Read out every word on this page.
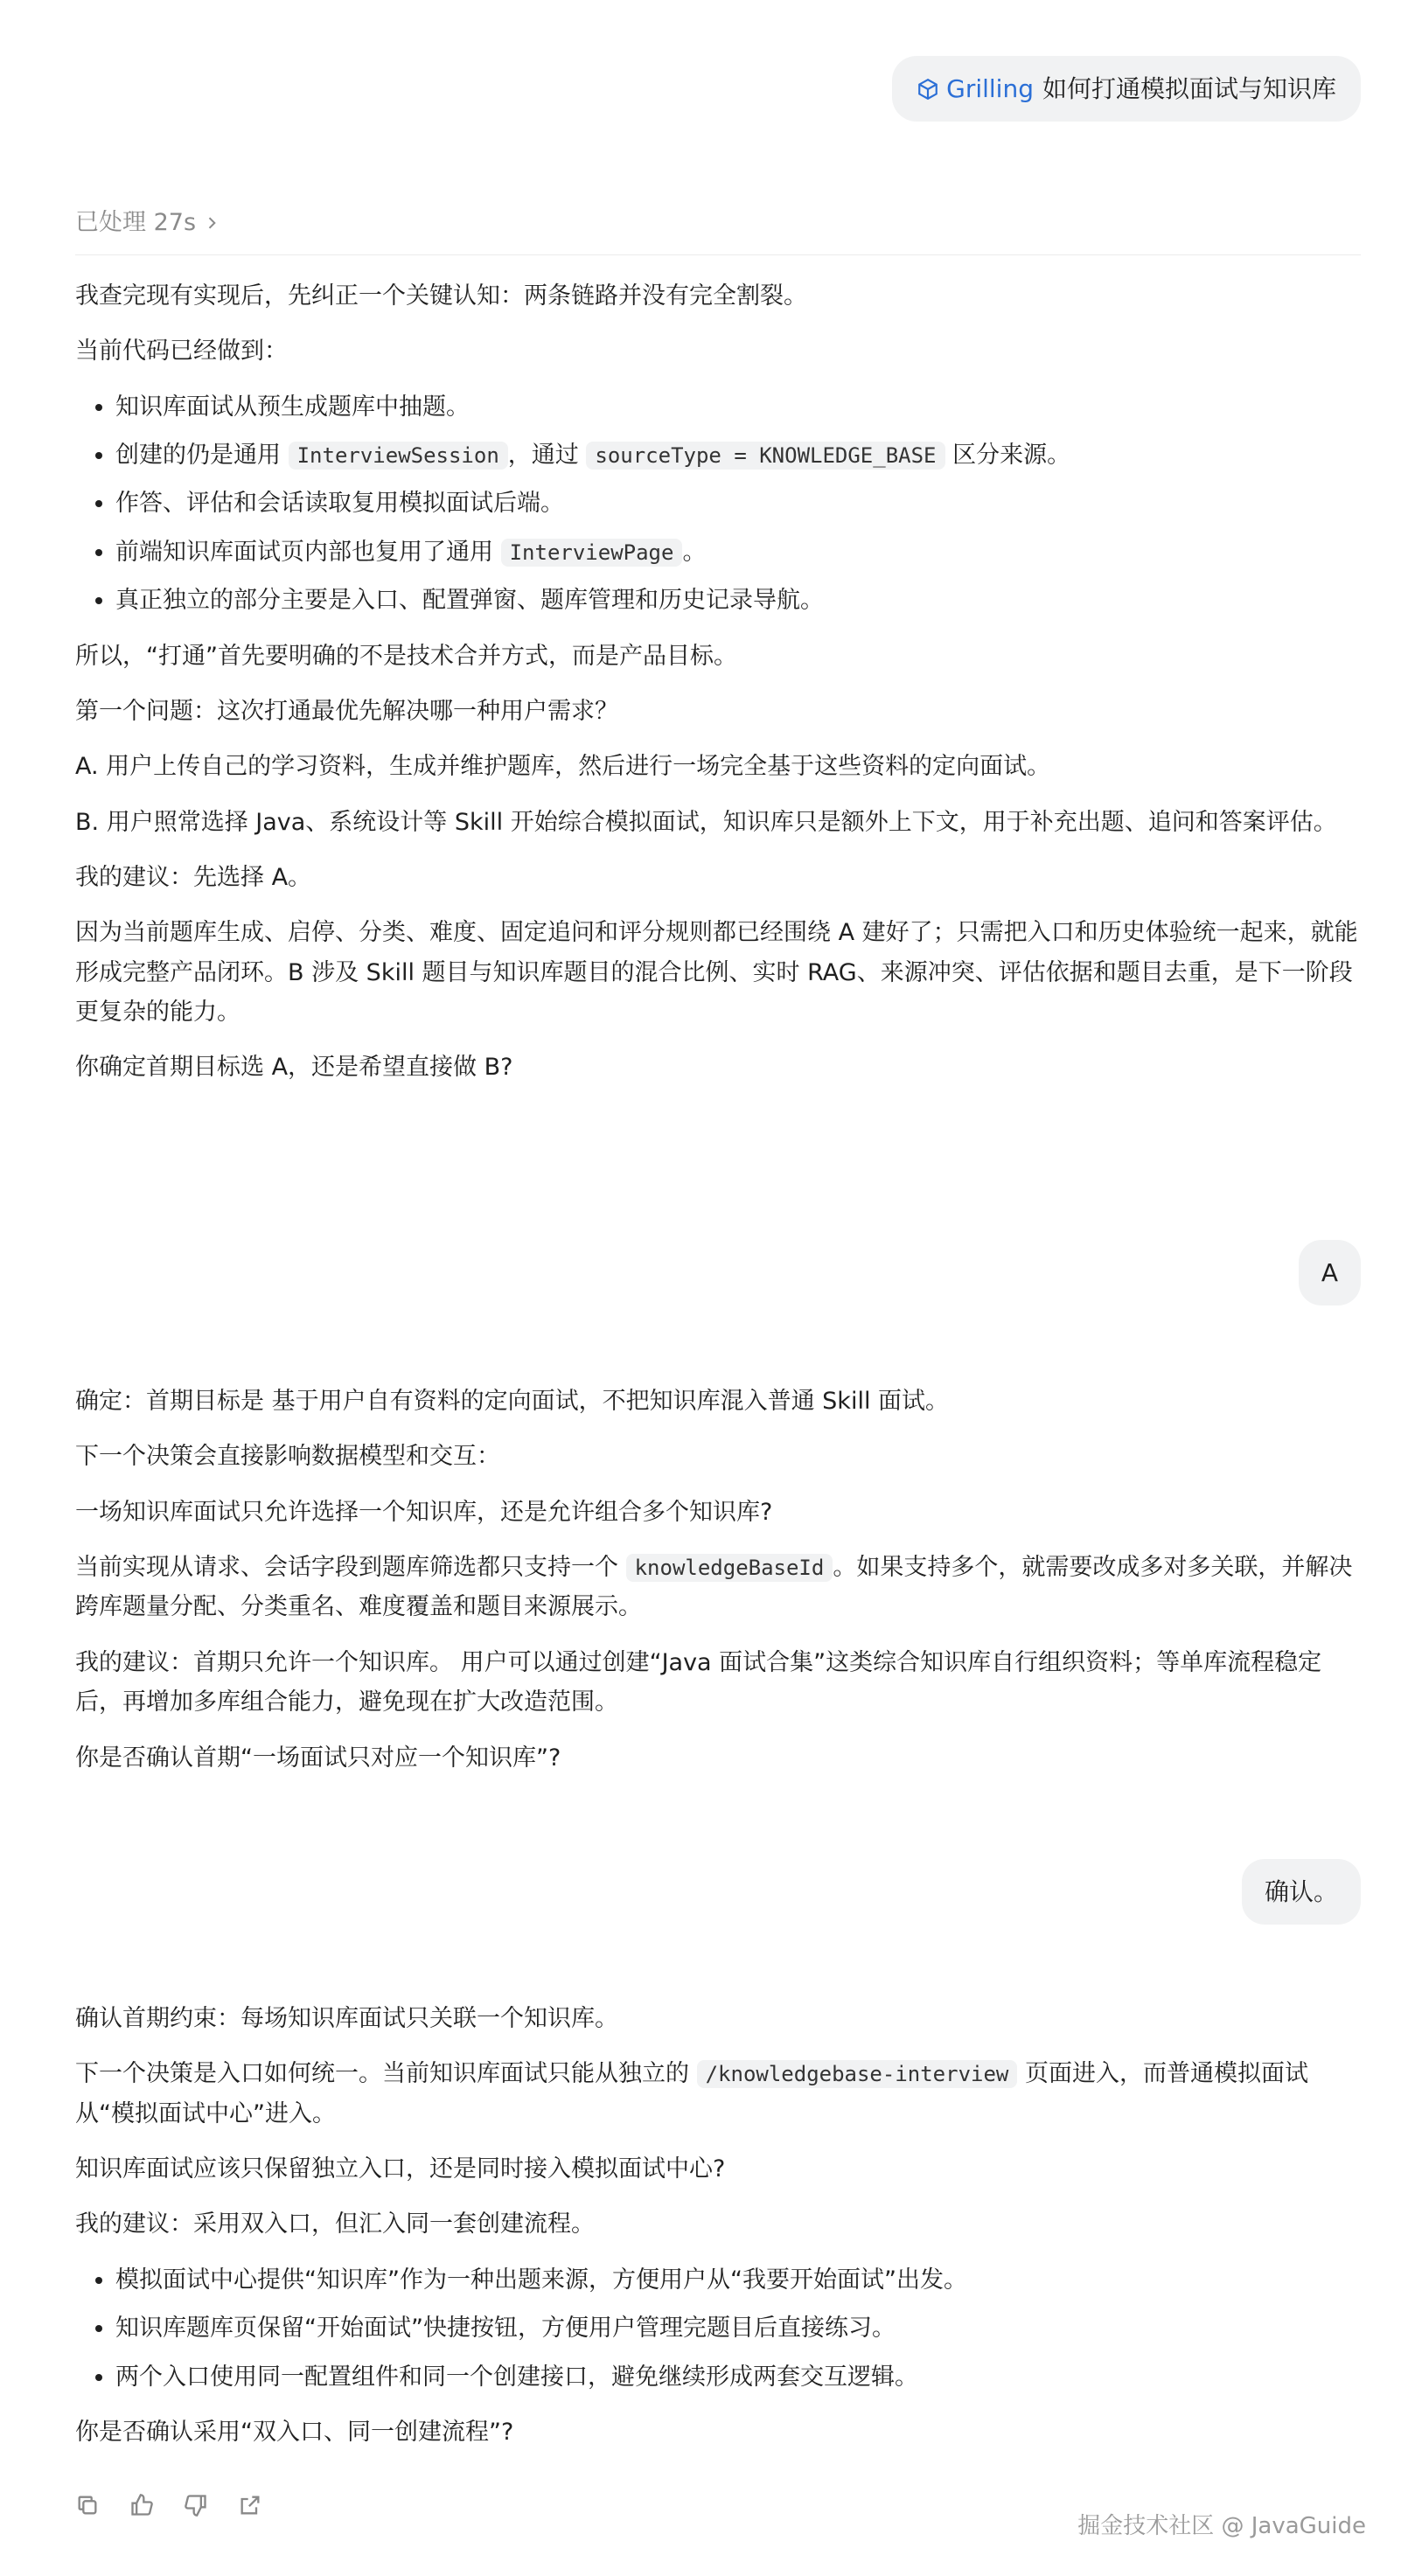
Grilling 如何打通模拟面试与知识库
已处理 27s

我查完现有实现后，先纠正一个关键认知：两条链路并没有完全割裂。

当前代码已经做到：

• 知识库面试从预生成题库中抽题。
• 创建的仍是通用 InterviewSession ，通过 sourceType = KNOWLEDGE_BASE 区分来源。
• 作答、评估和会话读取复用模拟面试后端。
• 前端知识库面试页内部也复用了通用 InterviewPage 。
• 真正独立的部分主要是入口、配置弹窗、题库管理和历史记录导航。

所以，“打通”首先要明确的不是技术合并方式，而是产品目标。

第一个问题：这次打通最优先解决哪一种用户需求？

A. 用户上传自己的学习资料，生成并维护题库，然后进行一场完全基于这些资料的定向面试。

B. 用户照常选择 Java、系统设计等 Skill 开始综合模拟面试，知识库只是额外上下文，用于补充出题、追问和答案评估。

我的建议：先选择 A。

因为当前题库生成、启停、分类、难度、固定追问和评分规则都已经围绕 A 建好了；只需把入口和历史体验统一起来，就能形成完整产品闭环。B 涉及 Skill 题目与知识库题目的混合比例、实时 RAG、来源冲突、评估依据和题目去重，是下一阶段更复杂的能力。

你确定首期目标选 A，还是希望直接做 B?

A

确定：首期目标是 基于用户自有资料的定向面试，不把知识库混入普通 Skill 面试。

下一个决策会直接影响数据模型和交互：

一场知识库面试只允许选择一个知识库，还是允许组合多个知识库?

当前实现从请求、会话字段到题库筛选都只支持一个 knowledgeBaseId 。如果支持多个，就需要改成多对多关联，并解决跨库题量分配、分类重名、难度覆盖和题目来源展示。

我的建议：首期只允许一个知识库。 用户可以通过创建“Java 面试合集”这类综合知识库自行组织资料；等单库流程稳定后，再增加多库组合能力，避免现在扩大改造范围。

你是否确认首期“一场面试只对应一个知识库”?

确认。

确认首期约束：每场知识库面试只关联一个知识库。

下一个决策是入口如何统一。当前知识库面试只能从独立的 /knowledgebase-interview 页面进入，而普通模拟面试从“模拟面试中心”进入。

知识库面试应该只保留独立入口，还是同时接入模拟面试中心?

我的建议：采用双入口，但汇入同一套创建流程。

• 模拟面试中心提供“知识库”作为一种出题来源，方便用户从“我要开始面试”出发。
• 知识库题库页保留“开始面试”快捷按钮，方便用户管理完题目后直接练习。
• 两个入口使用同一配置组件和同一个创建接口，避免继续形成两套交互逻辑。

你是否确认采用“双入口、同一创建流程”?

掘金技术社区 @ JavaGuide
